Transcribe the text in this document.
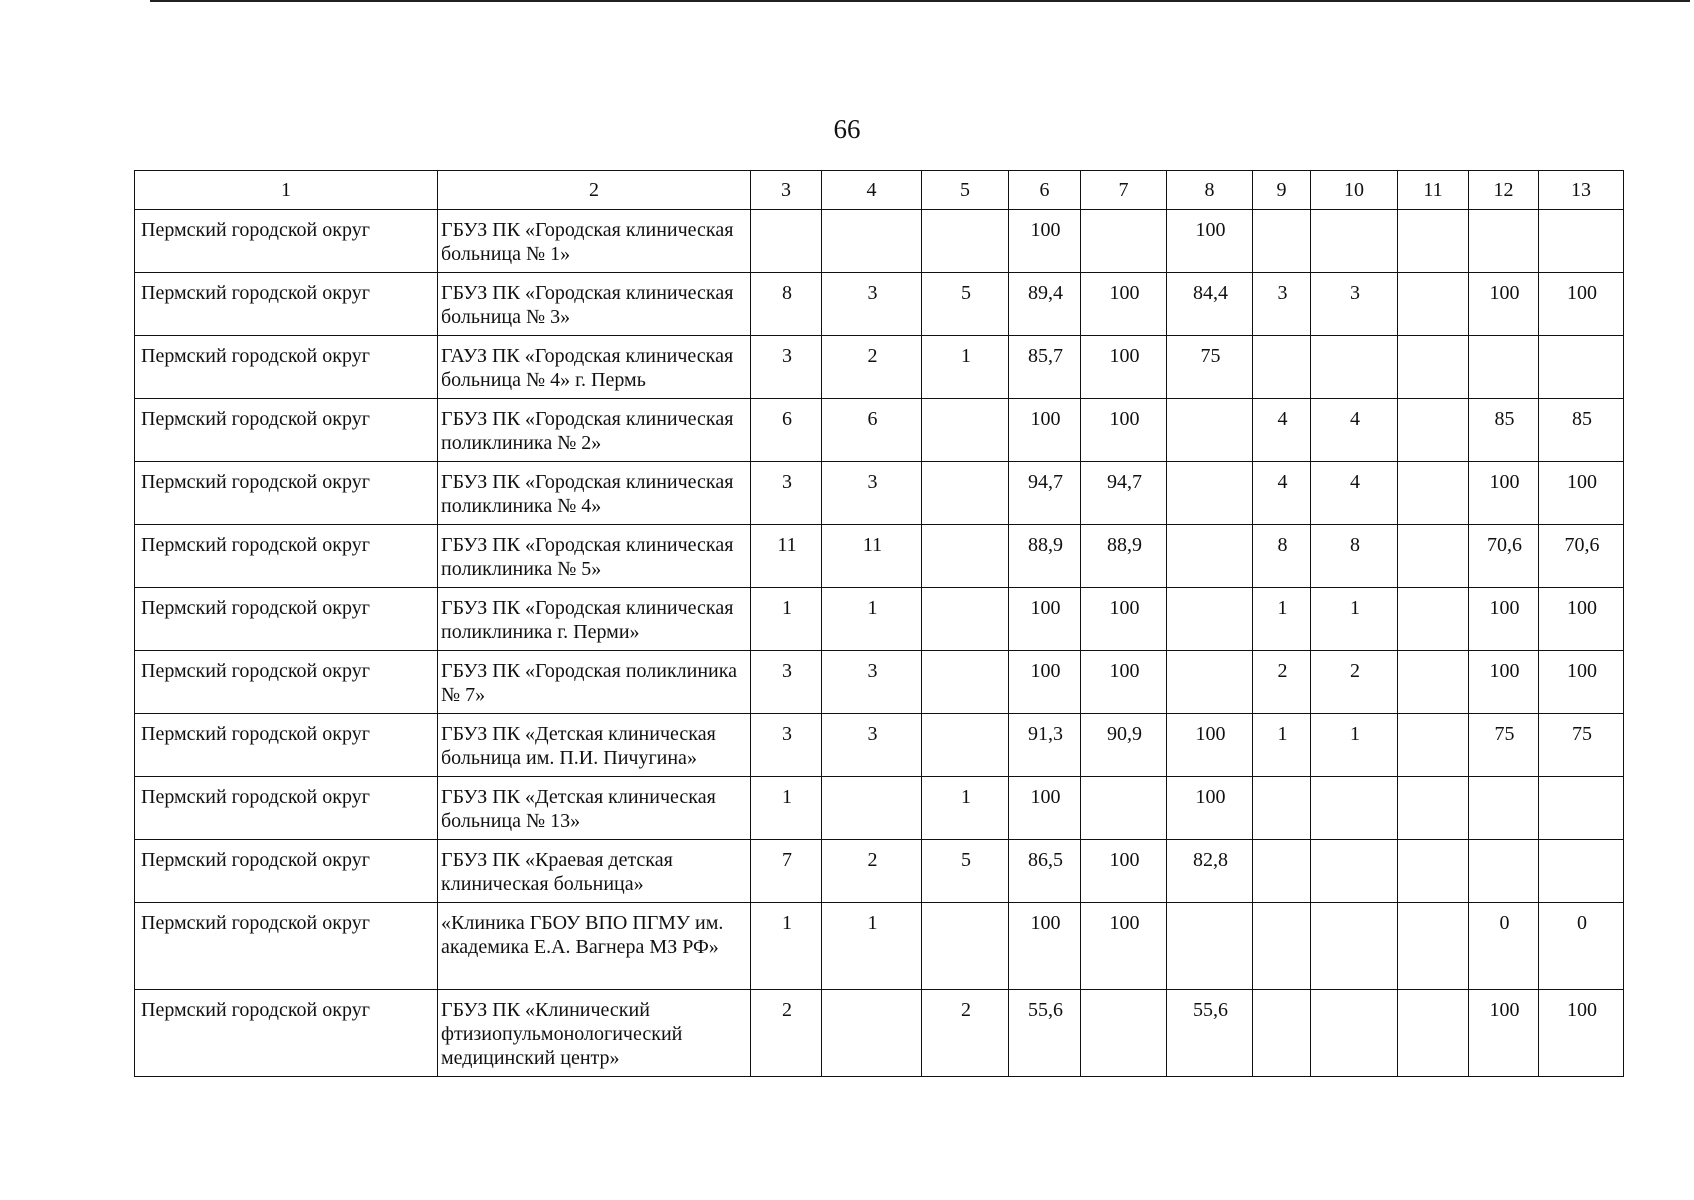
66
1	2	3	4	5	6	7	8	9	10	11	12	13
Пермский городской округ	ГБУЗ ПК «Городская клиническая больница № 1»				100		100					
Пермский городской округ	ГБУЗ ПК «Городская клиническая больница № 3»	8	3	5	89,4	100	84,4	3	3		100	100
Пермский городской округ	ГАУЗ ПК «Городская клиническая больница № 4» г. Пермь	3	2	1	85,7	100	75					
Пермский городской округ	ГБУЗ ПК «Городская клиническая поликлиника № 2»	6	6		100	100		4	4		85	85
Пермский городской округ	ГБУЗ ПК «Городская клиническая поликлиника № 4»	3	3		94,7	94,7		4	4		100	100
Пермский городской округ	ГБУЗ ПК «Городская клиническая поликлиника № 5»	11	11		88,9	88,9		8	8		70,6	70,6
Пермский городской округ	ГБУЗ ПК «Городская клиническая поликлиника г. Перми»	1	1		100	100		1	1		100	100
Пермский городской округ	ГБУЗ ПК «Городская поликлиника № 7»	3	3		100	100		2	2		100	100
Пермский городской округ	ГБУЗ ПК «Детская клиническая больница им. П.И. Пичугина»	3	3		91,3	90,9	100	1	1		75	75
Пермский городской округ	ГБУЗ ПК «Детская клиническая больница № 13»	1		1	100		100					
Пермский городской округ	ГБУЗ ПК «Краевая детская клиническая больница»	7	2	5	86,5	100	82,8					
Пермский городской округ	«Клиника ГБОУ ВПО ПГМУ им. академика Е.А. Вагнера МЗ РФ»	1	1		100	100					0	0
Пермский городской округ	ГБУЗ ПК «Клинический фтизиопульмонологический медицинский центр»	2		2	55,6		55,6				100	100
